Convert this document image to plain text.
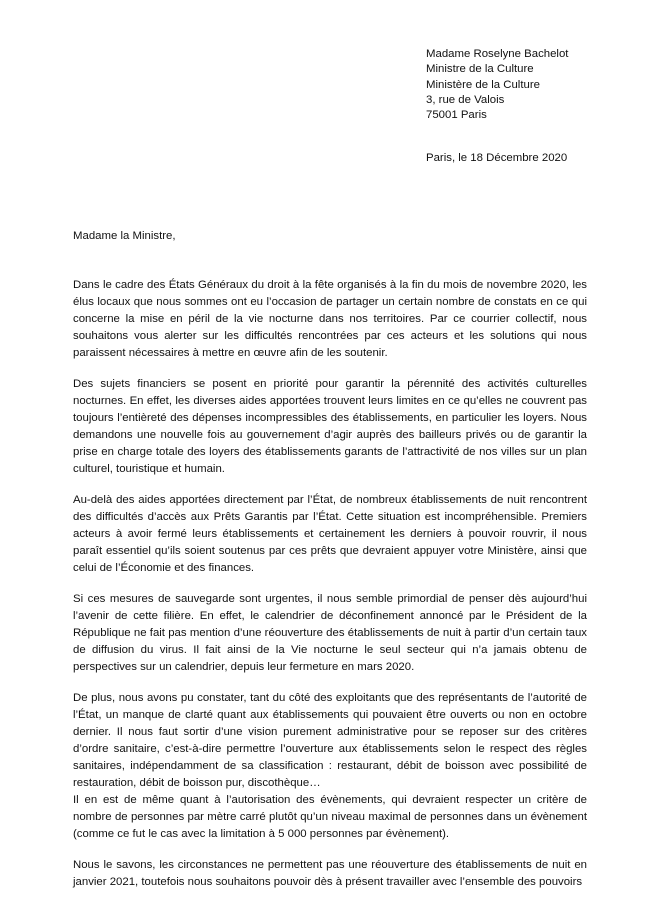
Madame Roselyne Bachelot
Ministre de la Culture
Ministère de la Culture
3, rue de Valois
75001 Paris
Paris, le 18 Décembre 2020
Madame la Ministre,

Dans le cadre des États Généraux du droit à la fête organisés à la fin du mois de novembre 2020, les élus locaux que nous sommes ont eu l’occasion de partager un certain nombre de constats en ce qui concerne la mise en péril de la vie nocturne dans nos territoires. Par ce courrier collectif, nous souhaitons vous alerter sur les difficultés rencontrées par ces acteurs et les solutions qui nous paraissent nécessaires à mettre en œuvre afin de les soutenir.

Des sujets financiers se posent en priorité pour garantir la pérennité des activités culturelles nocturnes. En effet, les diverses aides apportées trouvent leurs limites en ce qu’elles ne couvrent pas toujours l’entièreté des dépenses incompressibles des établissements, en particulier les loyers. Nous demandons une nouvelle fois au gouvernement d’agir auprès des bailleurs privés ou de garantir la prise en charge totale des loyers des établissements garants de l’attractivité de nos villes sur un plan culturel, touristique et humain.

Au-delà des aides apportées directement par l’État, de nombreux établissements de nuit rencontrent des difficultés d’accès aux Prêts Garantis par l’État. Cette situation est incompréhensible. Premiers acteurs à avoir fermé leurs établissements et certainement les derniers à pouvoir rouvrir, il nous paraît essentiel qu’ils soient soutenus par ces prêts que devraient appuyer votre Ministère, ainsi que celui de l’Économie et des finances.

Si ces mesures de sauvegarde sont urgentes, il nous semble primordial de penser dès aujourd’hui l’avenir de cette filière. En effet, le calendrier de déconfinement annoncé par le Président de la République ne fait pas mention d’une réouverture des établissements de nuit à partir d’un certain taux de diffusion du virus. Il fait ainsi de la Vie nocturne le seul secteur qui n’a jamais obtenu de perspectives sur un calendrier, depuis leur fermeture en mars 2020.

De plus, nous avons pu constater, tant du côté des exploitants que des représentants de l’autorité de l’État, un manque de clarté quant aux établissements qui pouvaient être ouverts ou non en octobre dernier. Il nous faut sortir d’une vision purement administrative pour se reposer sur des critères d’ordre sanitaire, c’est-à-dire permettre l’ouverture aux établissements selon le respect des règles sanitaires, indépendamment de sa classification : restaurant, débit de boisson avec possibilité de restauration, débit de boisson pur, discothèque…
Il en est de même quant à l’autorisation des évènements, qui devraient respecter un critère de nombre de personnes par mètre carré plutôt qu’un niveau maximal de personnes dans un évènement (comme ce fut le cas avec la limitation à 5 000 personnes par évènement).

Nous le savons, les circonstances ne permettent pas une réouverture des établissements de nuit en janvier 2021, toutefois nous souhaitons pouvoir dès à présent travailler avec l’ensemble des pouvoirs
